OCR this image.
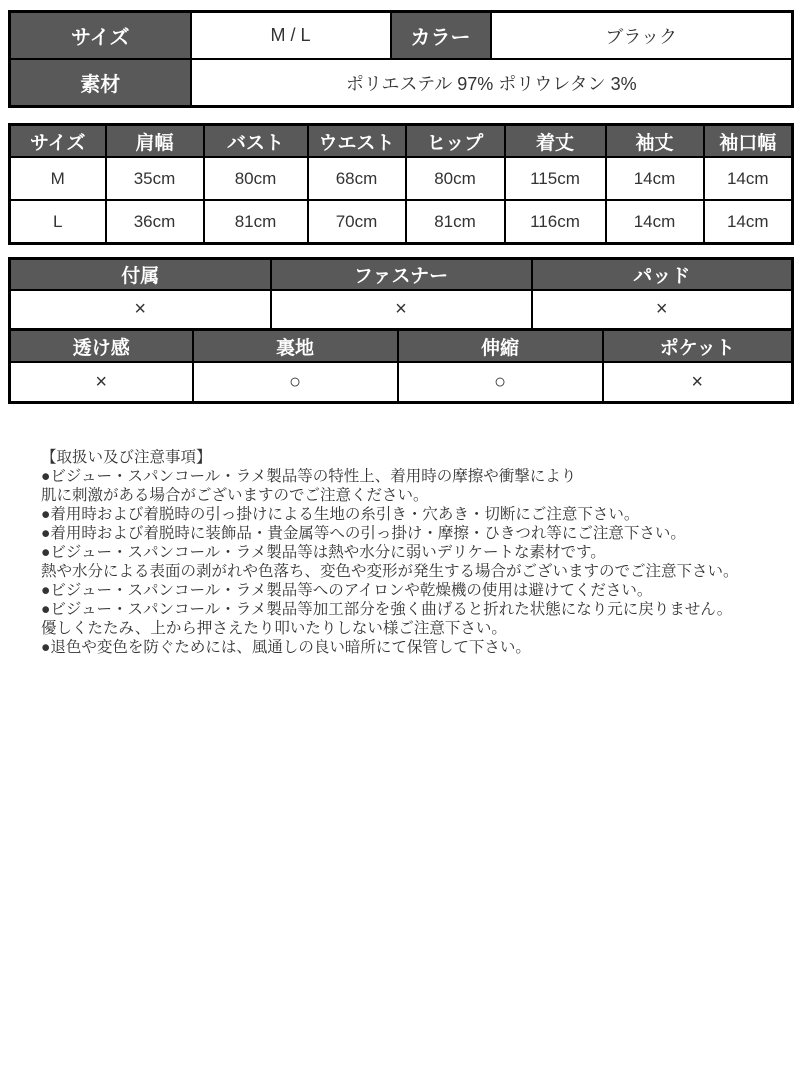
サイズ	M / L	カラー	ブラック
素材	ポリエステル 97% ポリウレタン 3%		
サイズ	肩幅	バスト	ウエスト	ヒップ	着丈	袖丈	袖口幅
M	35cm	80cm	68cm	80cm	115cm	14cm	14cm
L	36cm	81cm	70cm	81cm	116cm	14cm	14cm
付属	ファスナー	パッド
×	×	×
透け感	裏地	伸縮	ポケット
×	○	○	×
【取扱い及び注意事項】
●ビジュー・スパンコール・ラメ製品等の特性上、着用時の摩擦や衝撃により
肌に刺激がある場合がございますのでご注意ください。
●着用時および着脱時の引っ掛けによる生地の糸引き・穴あき・切断にご注意下さい。
●着用時および着脱時に装飾品・貴金属等への引っ掛け・摩擦・ひきつれ等にご注意下さい。
●ビジュー・スパンコール・ラメ製品等は熱や水分に弱いデリケートな素材です。
熱や水分による表面の剥がれや色落ち、変色や変形が発生する場合がございますのでご注意下さい。
●ビジュー・スパンコール・ラメ製品等へのアイロンや乾燥機の使用は避けてください。
●ビジュー・スパンコール・ラメ製品等加工部分を強く曲げると折れた状態になり元に戻りません。
優しくたたみ、上から押さえたり叩いたりしない様ご注意下さい。
●退色や変色を防ぐためには、風通しの良い暗所にて保管して下さい。
